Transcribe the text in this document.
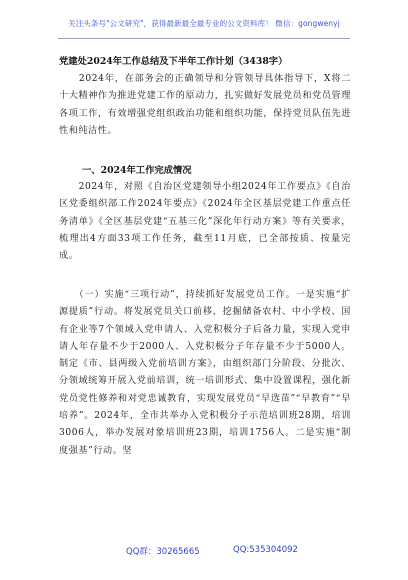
关注头条号"公文研究"，获得最新最全最专业的公文资料库！ 微信：gongwenyj
党建处2024年工作总结及下半年工作计划（3438字）
　　2024年，在部务会的正确领导和分管领导具体指导下，X将二十大精神作为推进党建工作的原动力，扎实做好发展党员和党员管理各项工作，有效增强党组织政治功能和组织功能，保持党员队伍先进性和纯洁性。
一、2024年工作完成情况
　　2024年，对照《自治区党建领导小组2024年工作要点》《自治区党委组织部工作2024年要点》《2024年全区基层党建工作重点任务清单》《全区基层党建“五基三化”深化年行动方案》等有关要求，梳理出4方面33项工作任务，截至11月底，已全部按质、按量完成。
　　（一）实施“三项行动”，持续抓好发展党员工作。一是实施“扩源提质”行动。将发展党员关口前移，挖掘储备农村、中小学校、国有企业等7个领域入党申请人、入党积极分子后备力量，实现入党申请人年存量不少于2000人、入党积极分子年存量不少于5000人。制定《市、县两级入党前培训方案》，由组织部门分阶段、分批次、分领域统筹开展入党前培训，统一培训形式、集中设置课程，强化新党员党性修养和对党忠诚教育，实现发展党员“早选苗”“早教育”“早培养”。2024年，全市共举办入党积极分子示范培训班28期，培训3006人，举办发展对象培训班23期，培训1756人。二是实施“制度强基”行动。坚
QQ群：30265665	QQ:535304092
